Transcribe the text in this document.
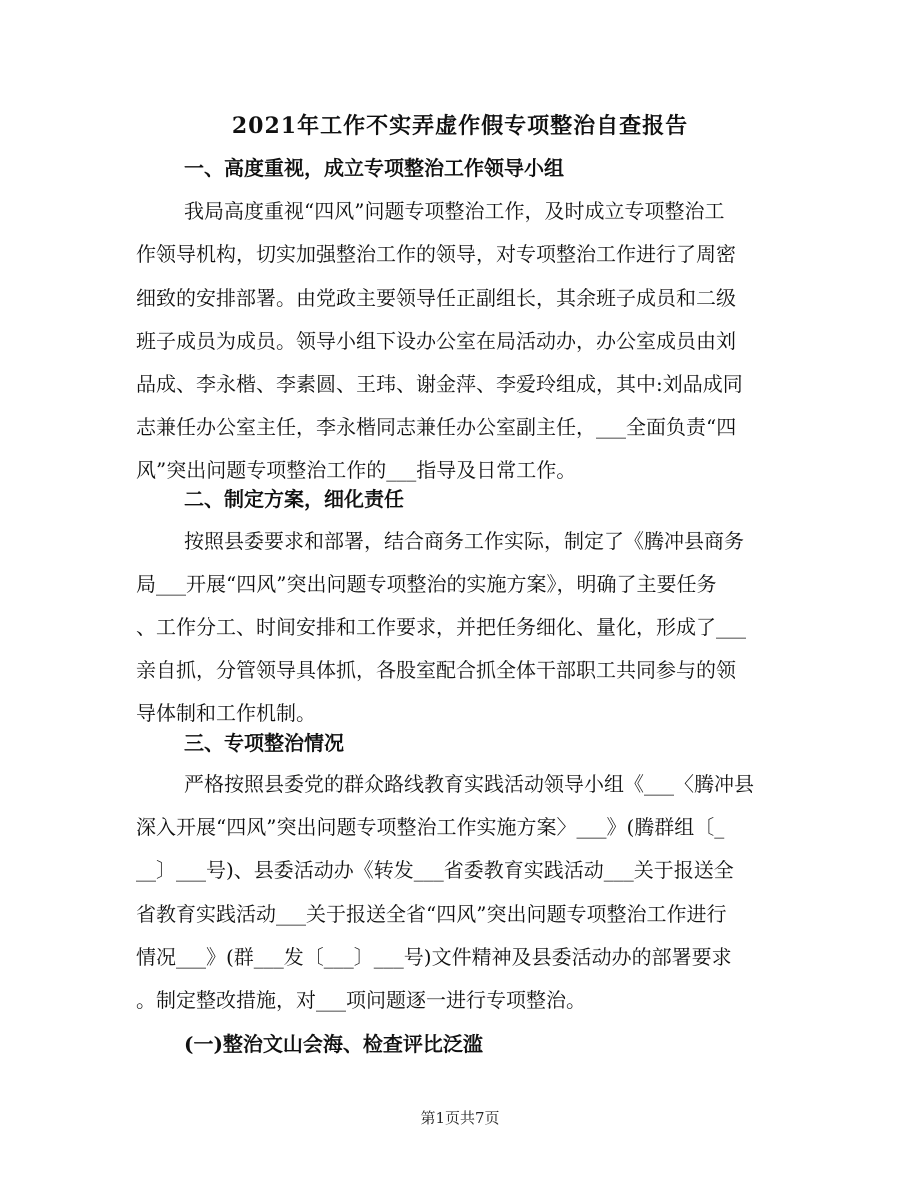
2021年工作不实弄虚作假专项整治自查报告
一、高度重视，成立专项整治工作领导小组
我局高度重视“四风”问题专项整治工作，及时成立专项整治工
作领导机构，切实加强整治工作的领导，对专项整治工作进行了周密
细致的安排部署。由党政主要领导任正副组长，其余班子成员和二级
班子成员为成员。领导小组下设办公室在局活动办，办公室成员由刘
品成、李永楷、李素圆、王玮、谢金萍、李爱玲组成，其中:刘品成同
志兼任办公室主任，李永楷同志兼任办公室副主任，___全面负责“四
风”突出问题专项整治工作的___指导及日常工作。
二、制定方案，细化责任
按照县委要求和部署，结合商务工作实际，制定了《腾冲县商务
局___开展“四风”突出问题专项整治的实施方案》，明确了主要任务
、工作分工、时间安排和工作要求，并把任务细化、量化，形成了___
亲自抓，分管领导具体抓，各股室配合抓全体干部职工共同参与的领
导体制和工作机制。
三、专项整治情况
严格按照县委党的群众路线教育实践活动领导小组《___〈腾冲县
深入开展“四风”突出问题专项整治工作实施方案〉___》(腾群组〔_
__〕___号)、县委活动办《转发___省委教育实践活动___关于报送全
省教育实践活动___关于报送全省“四风”突出问题专项整治工作进行
情况___》(群___发〔___〕___号)文件精神及县委活动办的部署要求
。制定整改措施，对___项问题逐一进行专项整治。
(一)整治文山会海、检查评比泛滥
第1页共7页
